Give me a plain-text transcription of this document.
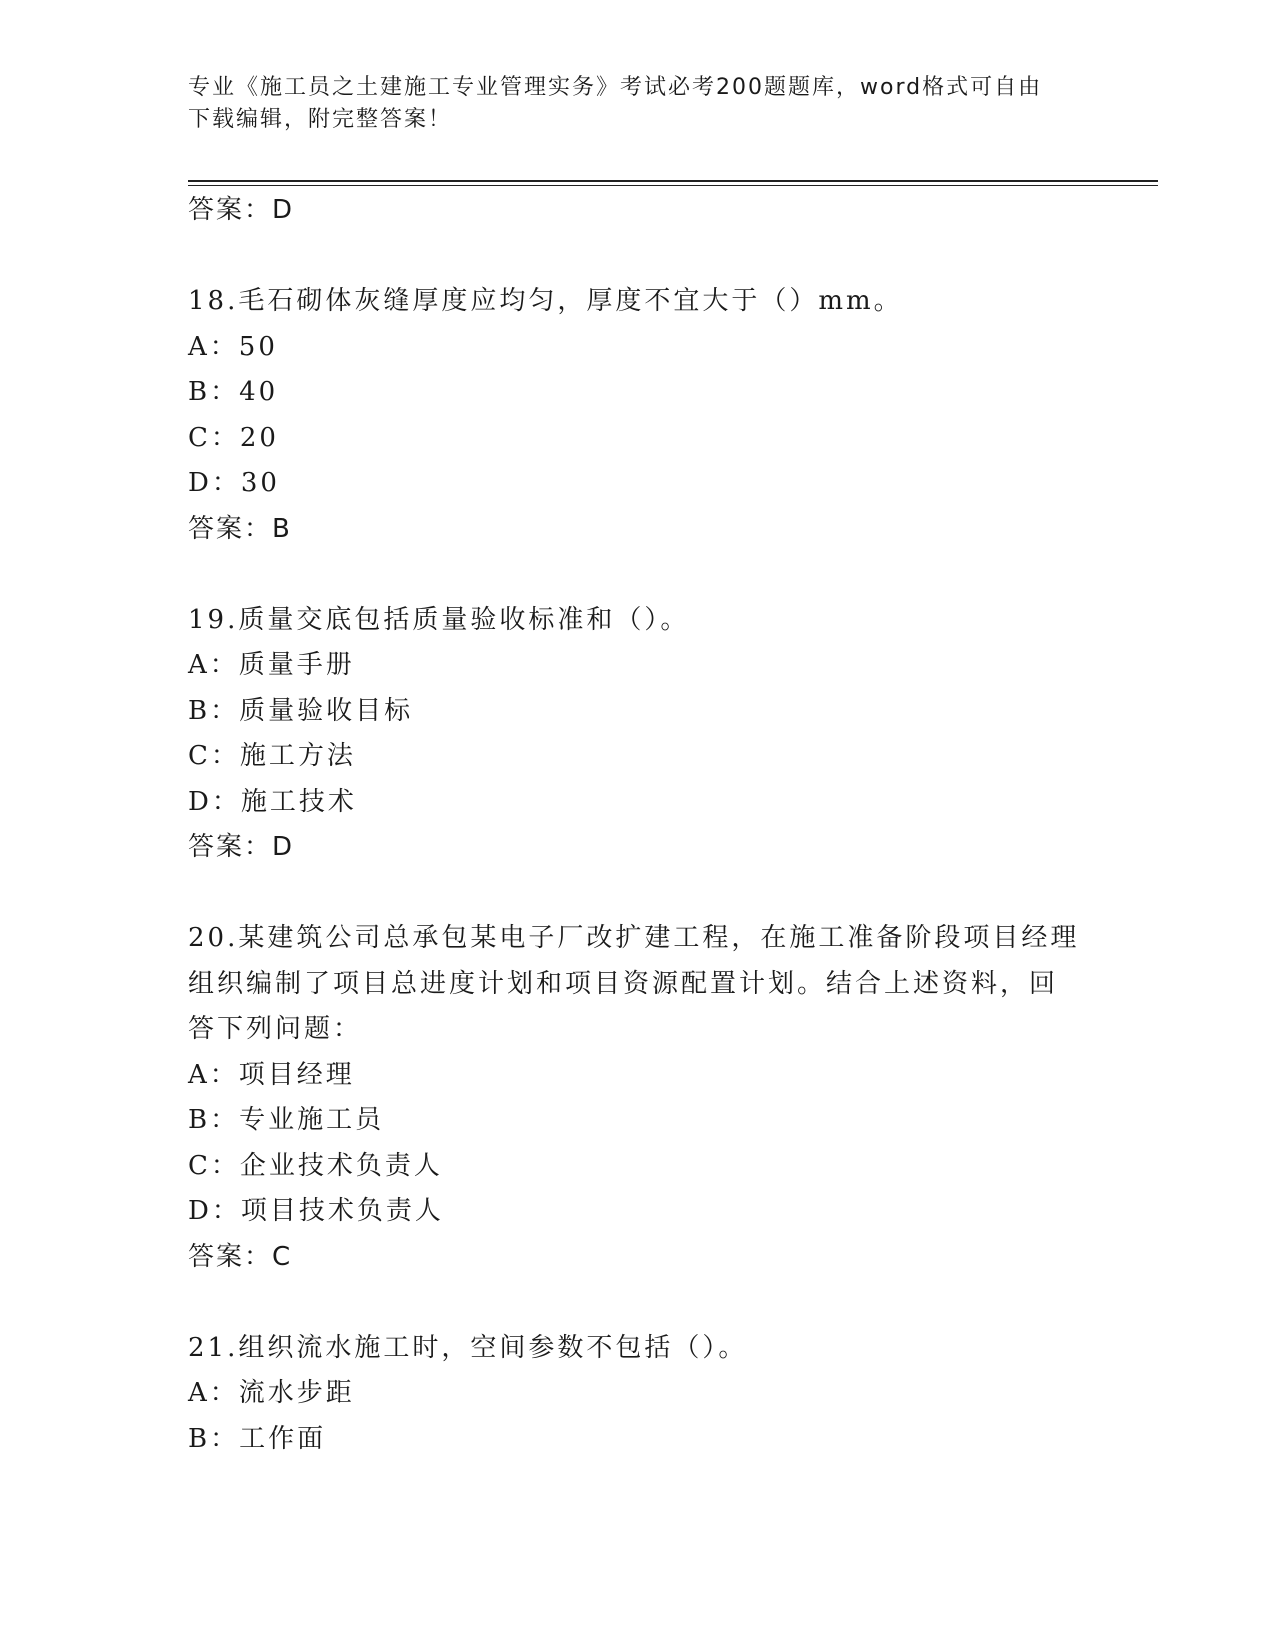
专业《施工员之土建施工专业管理实务》考试必考200题题库，word格式可自由
下载编辑，附完整答案！
答案：D
18.毛石砌体灰缝厚度应均匀，厚度不宜大于（）mm。
A：50
B：40
C：20
D：30
答案：B
19.质量交底包括质量验收标准和（）。
A：质量手册
B：质量验收目标
C：施工方法
D：施工技术
答案：D
20.某建筑公司总承包某电子厂改扩建工程，在施工准备阶段项目经理
组织编制了项目总进度计划和项目资源配置计划。结合上述资料，回
答下列问题：
A：项目经理
B：专业施工员
C：企业技术负责人
D：项目技术负责人
答案：C
21.组织流水施工时，空间参数不包括（）。
A：流水步距
B：工作面
